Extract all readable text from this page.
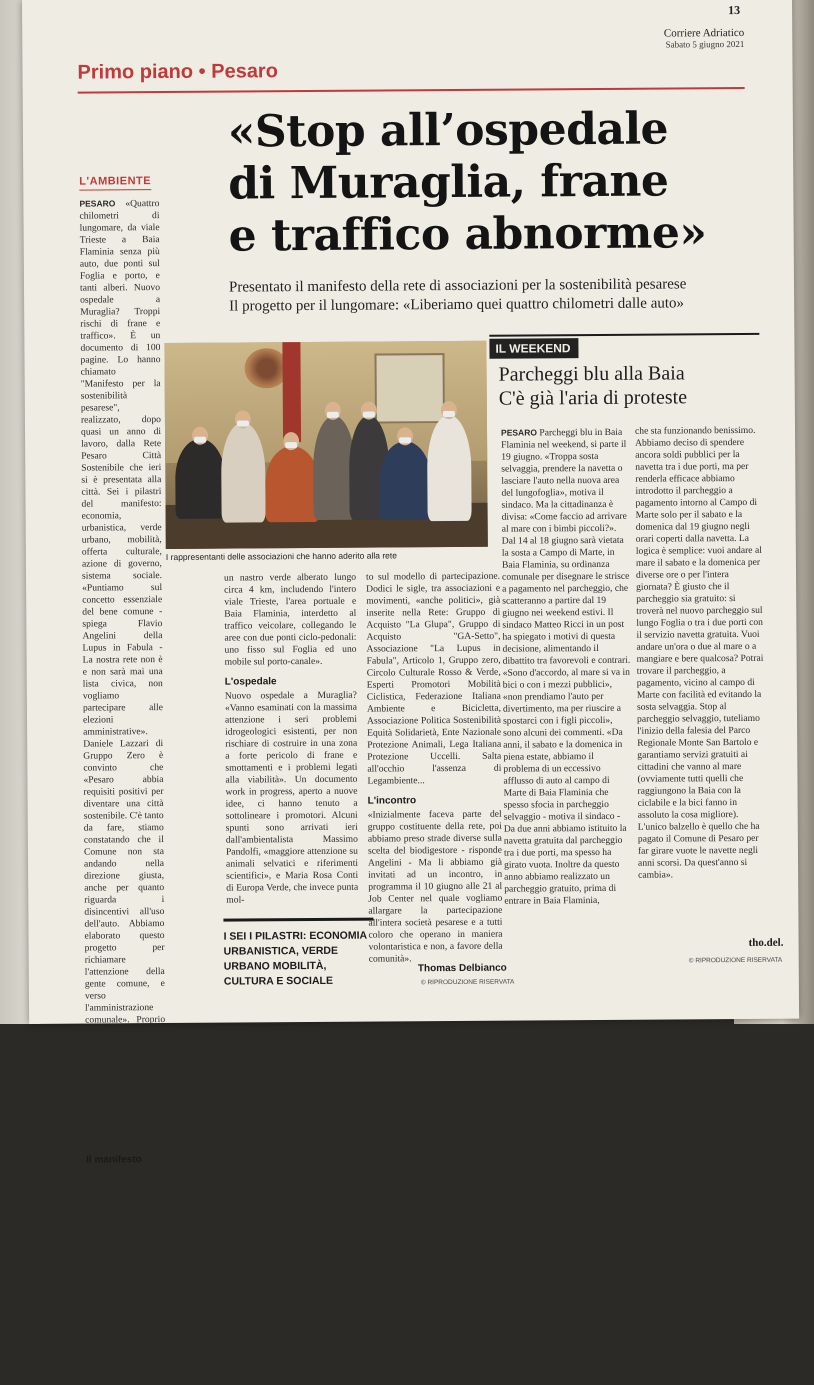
13
Corriere Adriatico
Sabato 5 giugno 2021
Primo piano • Pesaro
L'AMBIENTE
«Stop all’ospedale
di Muraglia, frane
e traffico abnorme»
Presentato il manifesto della rete di associazioni per la sostenibilità pesarese
Il progetto per il lungomare: «Liberiamo quei quattro chilometri dalle auto»

PESARO «Quattro chilometri di lungomare, da viale Trieste a Baia Flaminia senza più auto, due ponti sul Foglia e porto, e tanti alberi. Nuovo ospedale a Muraglia? Troppi rischi di frane e traffico». È un documento di 100 pagine. Lo hanno chiamato "Manifesto per la sostenibilità pesarese", realizzato, dopo quasi un anno di lavoro, dalla Rete Pesaro Città Sostenibile che ieri si è presentata alla città. Sei i pilastri del manifesto: economia, urbanistica, verde urbano, mobilità, offerta culturale, azione di governo, sistema sociale. «Puntiamo sul concetto essenziale del bene comune - spiega Flavio Angelini della Lupus in Fabula - La nostra rete non è e non sarà mai una lista civica, non vogliamo partecipare alle elezioni amministrative». Daniele Lazzari di Gruppo Zero è convinto che «Pesaro abbia requisiti positivi per diventare una città sostenibile. C'è tanto da fare, stiamo constatando che il Comune non sta andando nella direzione giusta, anche per quanto riguarda i disincentivi all'uso dell'auto. Abbiamo elaborato questo progetto per richiamare l'attenzione della gente comune, e verso l'amministrazione comunale». Proprio sul rapporto da instaurare con l'ente comunale, si inserisce anche Maurizio Franca: «Non vogliamo portare avanti la logica di scontro, ma di confronto con il Comune».

Il manifesto

Andrea Pirozzi ha illustrato il manifesto che si snoda sui vari temi. «Investimenti solo con l'acqua tutta pubblica, rifiuti non da considerare come una risorsa. Valorizzare San Bartolo, riconvertire le zone industriali in crisi, quartieri-giardino, Parco del Foglia, Cittadella del Sapere al San Benedetto». E ancora: «Creare

I rappresentanti delle associazioni che hanno aderito alla rete

un nastro verde alberato lungo circa 4 km, includendo l'intero viale Trieste, l'area portuale e Baia Flaminia, interdetto al traffico veicolare, collegando le aree con due ponti ciclo-pedonali: uno fisso sul Foglia ed uno mobile sul porto-canale».

L'ospedale

Nuovo ospedale a Muraglia? «Vanno esaminati con la massima attenzione i seri problemi idrogeologici esistenti, per non rischiare di costruire in una zona a forte pericolo di frane e smottamenti e i problemi legati alla viabilità». Un documento work in progress, aperto a nuove idee, ci hanno tenuto a sottolineare i promotori. Alcuni spunti sono arrivati ieri dall'ambientalista Massimo Pandolfi, «maggiore attenzione su animali selvatici e riferimenti scientifici», e Maria Rosa Conti di Europa Verde, che invece punta mol-

to sul modello di partecipazione. Dodici le sigle, tra associazioni e movimenti, «anche politici», già inserite nella Rete: Gruppo di Acquisto "La Glupa", Gruppo di Acquisto "GA-Setto", Associazione "La Lupus in Fabula", Articolo 1, Gruppo zero, Circolo Culturale Rosso & Verde, Esperti Promotori Mobilità Ciclistica, Federazione Italiana Ambiente e Bicicletta, Associazione Politica Sostenibilità Equità Solidarietà, Ente Nazionale Protezione Animali, Lega Italiana Protezione Uccelli. Salta all'occhio l'assenza di Legambiente...

L'incontro

«Inizialmente faceva parte del gruppo costituente della rete, poi abbiamo preso strade diverse sulla scelta del biodigestore - risponde Angelini - Ma li abbiamo già invitati ad un incontro, in programma il 10 giugno alle 21 al Job Center nel quale vogliamo allargare la partecipazione all'intera società pesarese e a tutti coloro che operano in maniera volontaristica e non, a favore della comunità».

I SEI I PILASTRI: ECONOMIA URBANISTICA, VERDE URBANO MOBILITÀ, CULTURA E SOCIALE
Thomas Delbianco
© RIPRODUZIONE RISERVATA
IL WEEKEND
Parcheggi blu alla Baia
C'è già l'aria di proteste

PESARO Parcheggi blu in Baia Flaminia nel weekend, si parte il 19 giugno. «Troppa sosta selvaggia, prendere la navetta o lasciare l'auto nella nuova area del lungofoglia», motiva il sindaco. Ma la cittadinanza è divisa: «Come faccio ad arrivare al mare con i bimbi piccoli?». Dal 14 al 18 giugno sarà vietata la sosta a Campo di Marte, in Baia Flaminia, su ordinanza comunale per disegnare le strisce a pagamento nel parcheggio, che scatteranno a partire dal 19 giugno nei weekend estivi. Il sindaco Matteo Ricci in un post ha spiegato i motivi di questa decisione, alimentando il dibattito tra favorevoli e contrari. «Sono d'accordo, al mare si va in bici o con i mezzi pubblici», «non prendiamo l'auto per divertimento, ma per riuscire a spostarci con i figli piccoli», sono alcuni dei commenti. «Da anni, il sabato e la domenica in piena estate, abbiamo il problema di un eccessivo afflusso di auto al campo di Marte di Baia Flaminia che spesso sfocia in parcheggio selvaggio - motiva il sindaco - Da due anni abbiamo istituito la navetta gratuita dal parcheggio tra i due porti, ma spesso ha girato vuota. Inoltre da questo anno abbiamo realizzato un parcheggio gratuito, prima di entrare in Baia Flaminia,

che sta funzionando benissimo. Abbiamo deciso di spendere ancora soldi pubblici per la navetta tra i due porti, ma per renderla efficace abbiamo introdotto il parcheggio a pagamento intorno al Campo di Marte solo per il sabato e la domenica dal 19 giugno negli orari coperti dalla navetta. La logica è semplice: vuoi andare al mare il sabato e la domenica per diverse ore o per l'intera giornata? È giusto che il parcheggio sia gratuito: si troverà nel nuovo parcheggio sul lungo Foglia o tra i due porti con il servizio navetta gratuita. Vuoi andare un'ora o due al mare o a mangiare e bere qualcosa? Potrai trovare il parcheggio, a pagamento, vicino al campo di Marte con facilità ed evitando la sosta selvaggia. Stop al parcheggio selvaggio, tuteliamo l'inizio della falesia del Parco Regionale Monte San Bartolo e garantiamo servizi gratuiti ai cittadini che vanno al mare (ovviamente tutti quelli che raggiungono la Baia con la ciclabile e la bici fanno in assoluto la cosa migliore). L'unico balzello è quello che ha pagato il Comune di Pesaro per far girare vuote le navette negli anni scorsi. Da quest'anno si cambia».

tho.del.
© RIPRODUZIONE RISERVATA
